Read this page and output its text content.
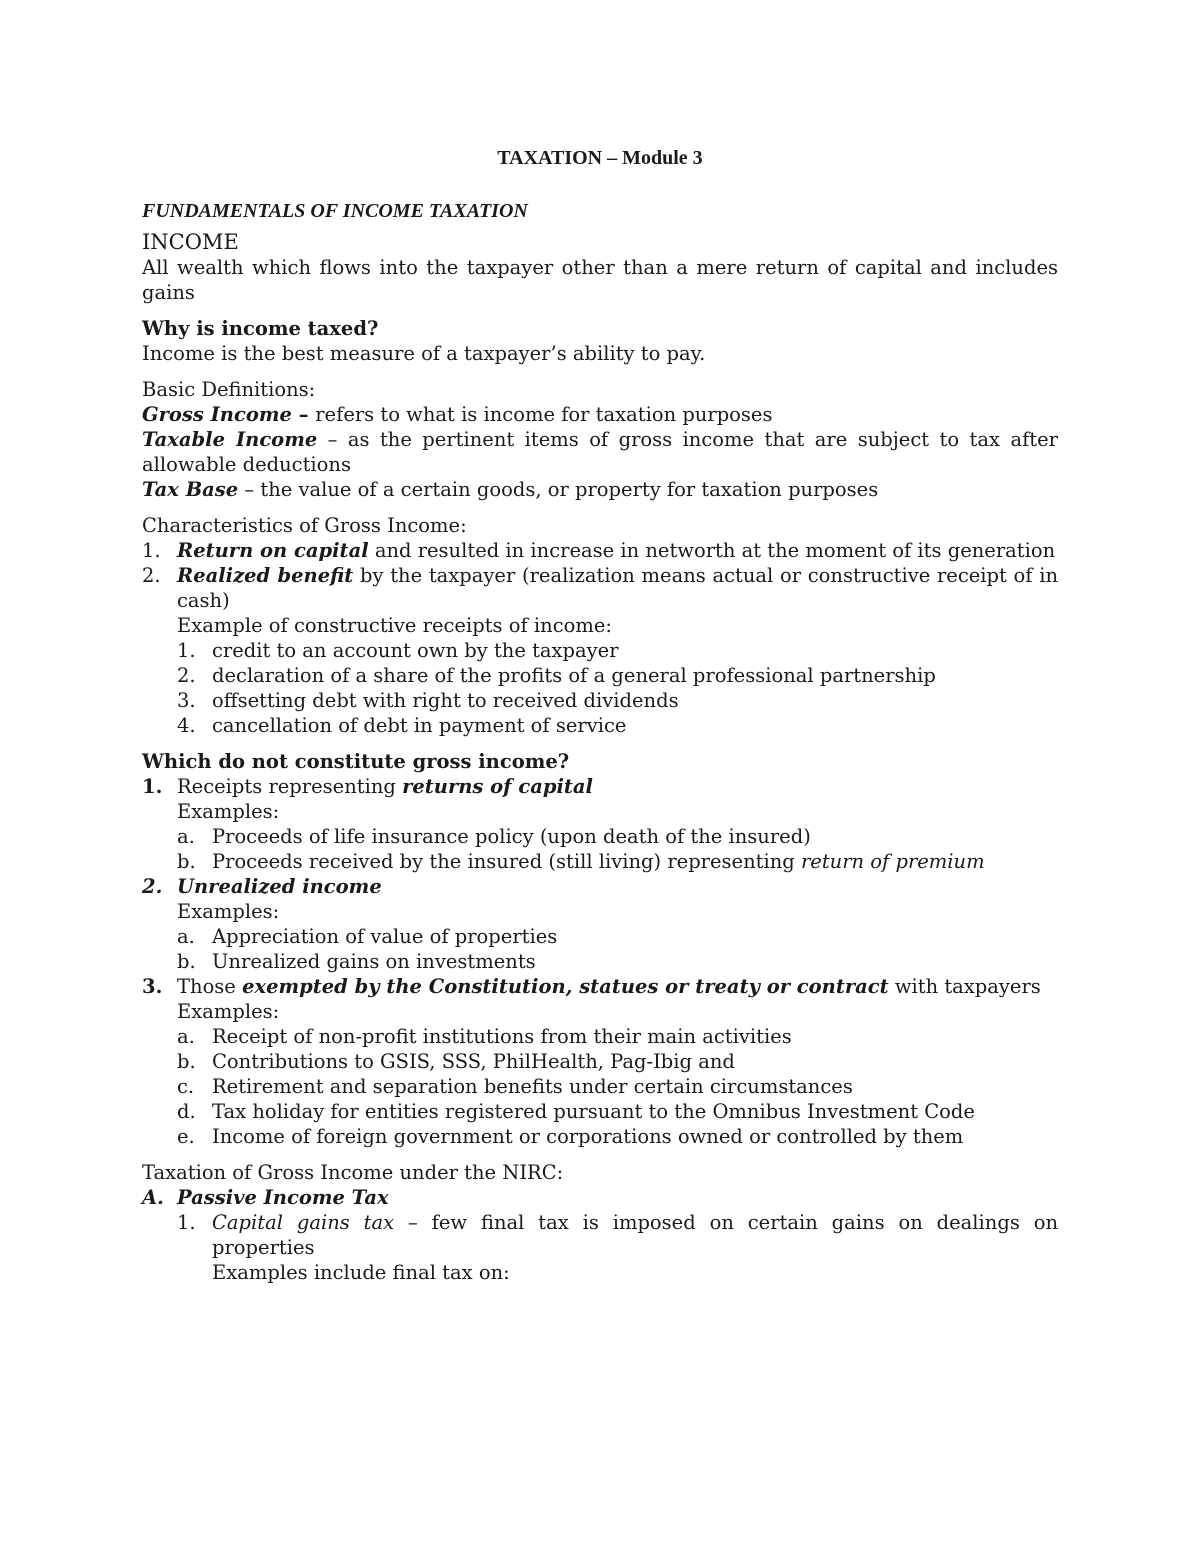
TAXATION – Module 3
FUNDAMENTALS OF INCOME TAXATION

INCOME

All wealth which flows into the taxpayer other than a mere return of capital and includes gains

Why is income taxed?

Income is the best measure of a taxpayer’s ability to pay.

Basic Definitions:

Gross Income – refers to what is income for taxation purposes

Taxable Income – as the pertinent items of gross income that are subject to tax after allowable deductions

Tax Base – the value of a certain goods, or property for taxation purposes

Characteristics of Gross Income:

1. Return on capital and resulted in increase in networth at the moment of its generation
2. Realized benefit by the taxpayer (realization means actual or constructive receipt of in cash)

Example of constructive receipts of income:

1. credit to an account own by the taxpayer
2. declaration of a share of the profits of a general professional partnership
3. offsetting debt with right to received dividends
4. cancellation of debt in payment of service

Which do not constitute gross income?

1. Receipts representing returns of capital

Examples:

a. Proceeds of life insurance policy (upon death of the insured)
b. Proceeds received by the insured (still living) representing return of premium
2. Unrealized income

Examples:

a. Appreciation of value of properties
b. Unrealized gains on investments
3. Those exempted by the Constitution, statues or treaty or contract with taxpayers

Examples:

a. Receipt of non-profit institutions from their main activities
b. Contributions to GSIS, SSS, PhilHealth, Pag-Ibig and
c. Retirement and separation benefits under certain circumstances
d. Tax holiday for entities registered pursuant to the Omnibus Investment Code
e. Income of foreign government or corporations owned or controlled by them

Taxation of Gross Income under the NIRC:

A. Passive Income Tax
1. Capital gains tax – few final tax is imposed on certain gains on dealings on properties

Examples include final tax on:
